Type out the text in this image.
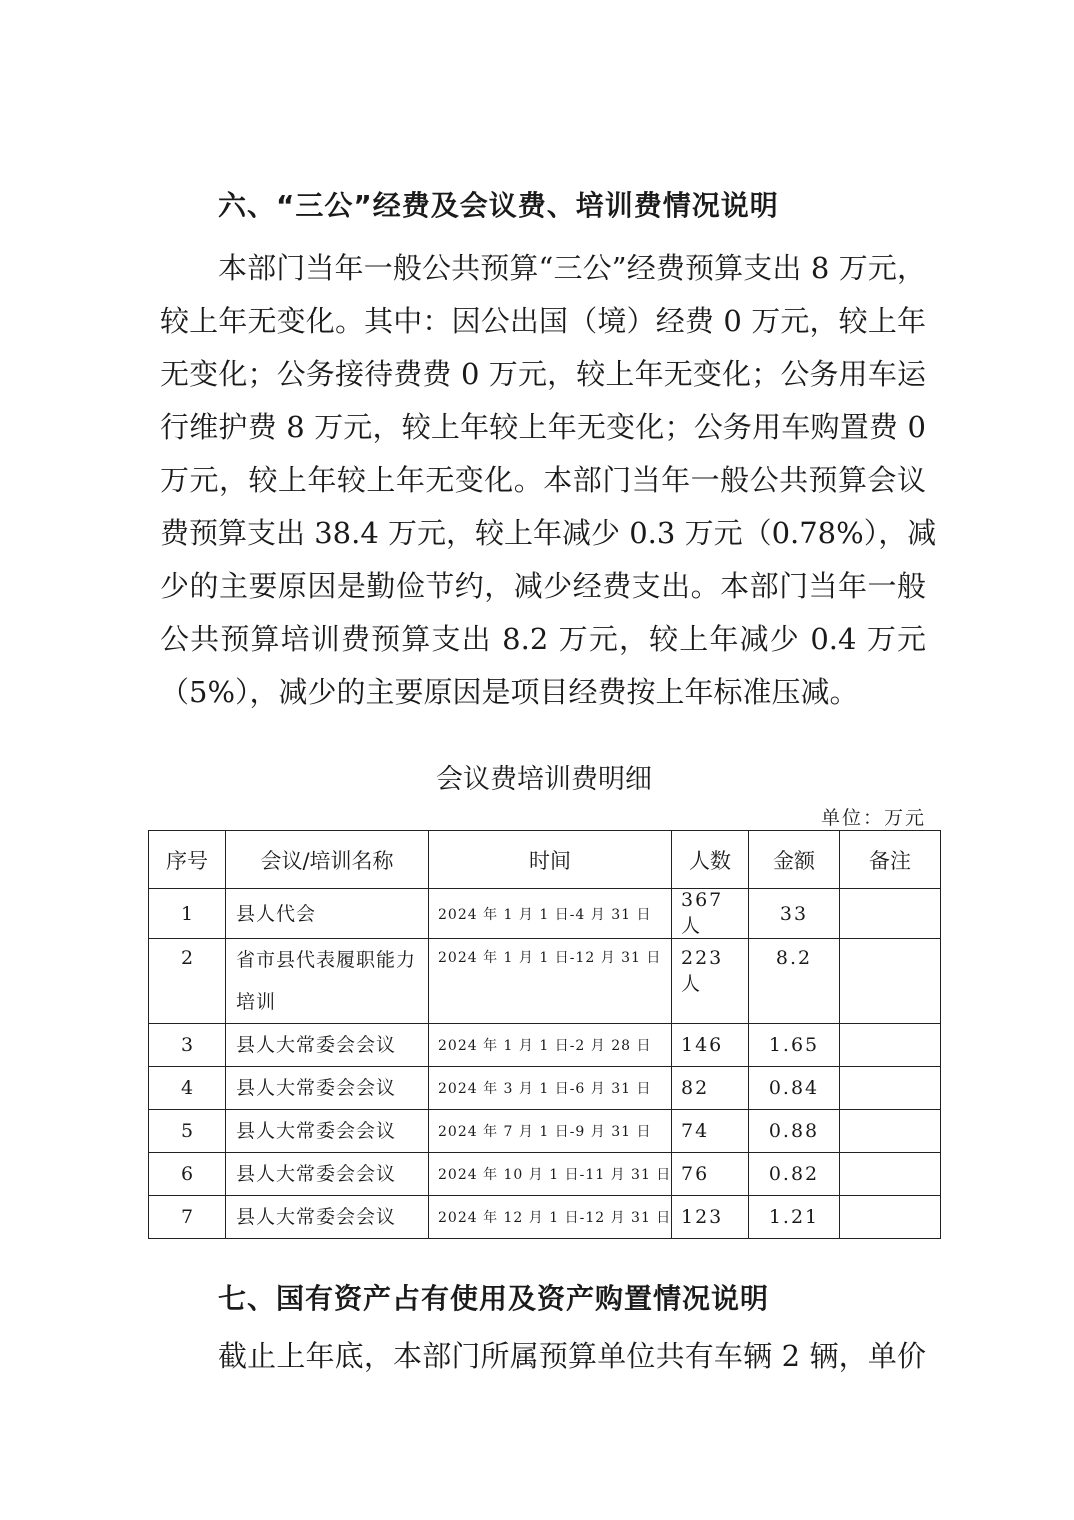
六、“三公”经费及会议费、培训费情况说明
本部门当年一般公共预算“三公”经费预算支出 8 万元，
较上年无变化。其中：因公出国（境）经费 0 万元，较上年
无变化；公务接待费费 0 万元，较上年无变化；公务用车运
行维护费 8 万元，较上年较上年无变化；公务用车购置费 0
万元，较上年较上年无变化。本部门当年一般公共预算会议
费预算支出 38.4 万元，较上年减少 0.3 万元（0.78%），减
少的主要原因是勤俭节约，减少经费支出。本部门当年一般
公共预算培训费预算支出 8.2 万元，较上年减少 0.4 万元
（5%），减少的主要原因是项目经费按上年标准压减。
会议费培训费明细
单位：万元
序号	会议/培训名称	时间	人数	金额	备注
1	县人代会	2024 年 1 月 1 日-4 月 31 日	367 人	33	
2	省市县代表履职能力培训	2024 年 1 月 1 日-12 月 31 日	223 人	8.2	
3	县人大常委会会议	2024 年 1 月 1 日-2 月 28 日	146	1.65	
4	县人大常委会会议	2024 年 3 月 1 日-6 月 31 日	82	0.84	
5	县人大常委会会议	2024 年 7 月 1 日-9 月 31 日	74	0.88	
6	县人大常委会会议	2024 年 10 月 1 日-11 月 31 日	76	0.82	
7	县人大常委会会议	2024 年 12 月 1 日-12 月 31 日	123	1.21	
七、国有资产占有使用及资产购置情况说明
截止上年底，本部门所属预算单位共有车辆 2 辆，单价
